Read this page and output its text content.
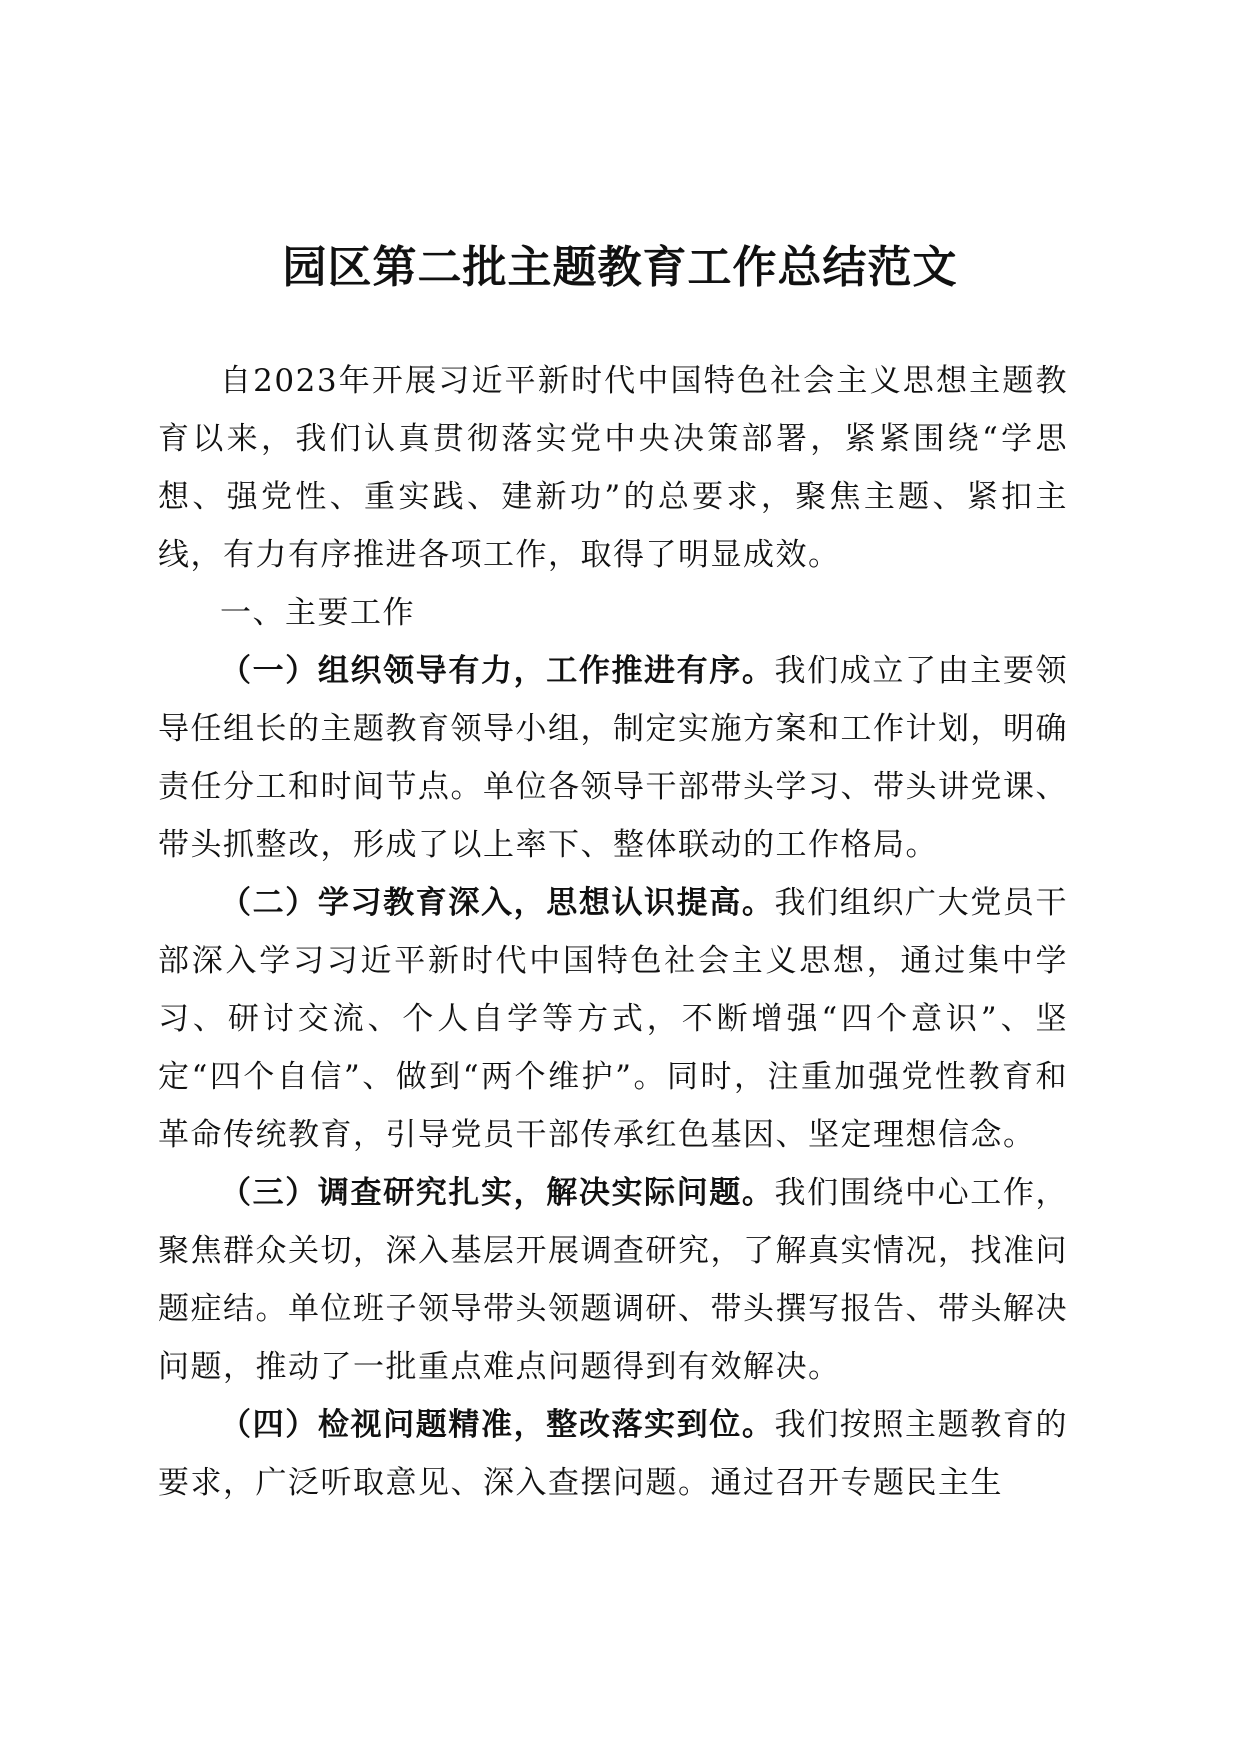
园区第二批主题教育工作总结范文

自2023年开展习近平新时代中国特色社会主义思想主题教育以来，我们认真贯彻落实党中央决策部署，紧紧围绕“学思想、强党性、重实践、建新功”的总要求，聚焦主题、紧扣主线，有力有序推进各项工作，取得了明显成效。

一、主要工作

（一）组织领导有力，工作推进有序。我们成立了由主要领导任组长的主题教育领导小组，制定实施方案和工作计划，明确责任分工和时间节点。单位各领导干部带头学习、带头讲党课、带头抓整改，形成了以上率下、整体联动的工作格局。

（二）学习教育深入，思想认识提高。我们组织广大党员干部深入学习习近平新时代中国特色社会主义思想，通过集中学习、研讨交流、个人自学等方式，不断增强“四个意识”、坚定“四个自信”、做到“两个维护”。同时，注重加强党性教育和革命传统教育，引导党员干部传承红色基因、坚定理想信念。

（三）调查研究扎实，解决实际问题。我们围绕中心工作，聚焦群众关切，深入基层开展调查研究，了解真实情况，找准问题症结。单位班子领导带头领题调研、带头撰写报告、带头解决问题，推动了一批重点难点问题得到有效解决。

（四）检视问题精准，整改落实到位。我们按照主题教育的要求，广泛听取意见、深入查摆问题。通过召开专题民主生
